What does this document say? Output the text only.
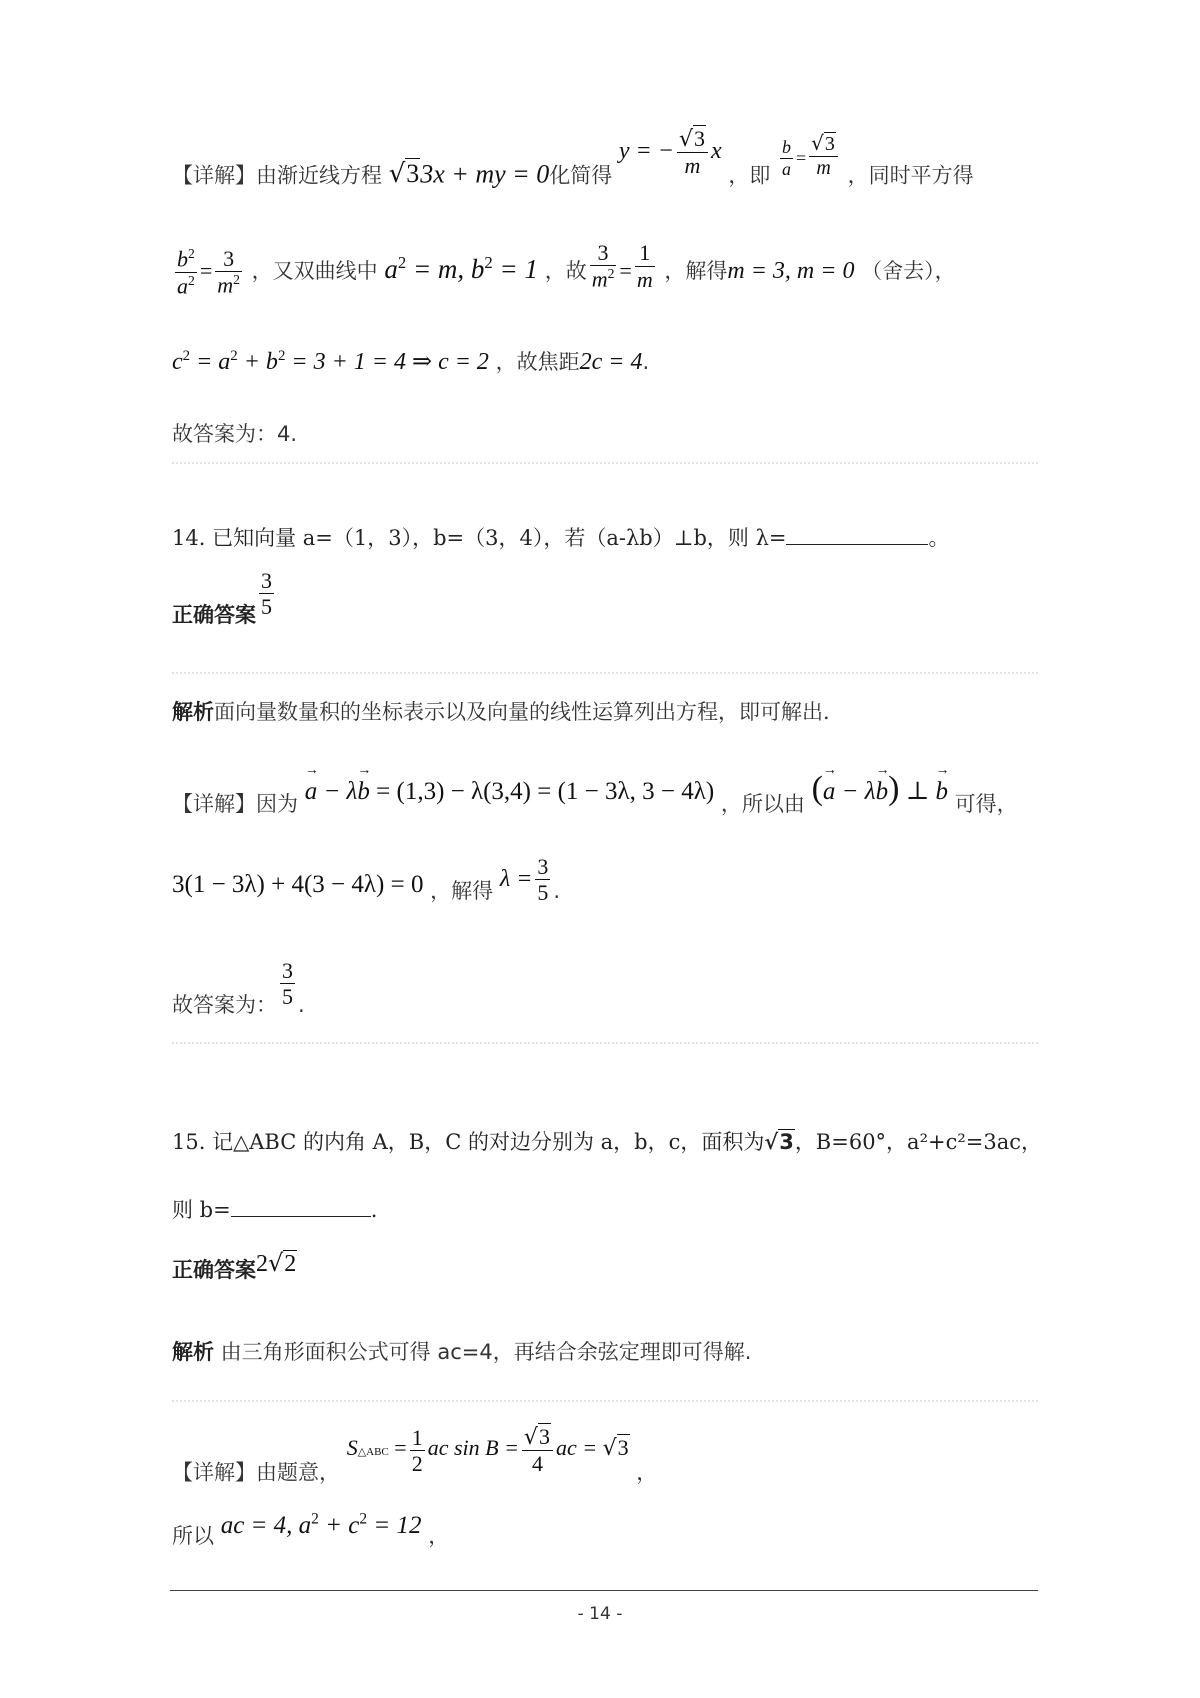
【详解】由渐近线方程 √33x + my = 0化简得 y = − $\frac{√3}{m}$ x ，即 $\frac{b}{a} = \frac{√3}{m}$ ，同时平方得
$\frac{b^2}{a^2} = \frac{3}{m^2}$ ，又双曲线中 $a^2 = m$, $b^2 = 1$ ，故 $\frac{3}{m^2} = \frac{1}{m}$ ，解得m = 3, m = 0 （舍去），
$c^2 = a^2 + b^2 = 3 + 1 = 4$ ⇒ c = 2 ，故焦距2c = 4.
故答案为：4.
14. 已知向量 a=（1，3），b=（3，4），若（a-λb）⊥b，则 λ=	。
正确答案 $\frac{3}{5}$
解析面向量数量积的坐标表示以及向量的线性运算列出方程，即可解出．
【详解】因为 → a − λ→ b = (1,3) − λ(3,4) = (1 − 3λ, 3 − 4λ) ，所以由 (→ a − λ→ b) ⊥ → b 可得，
3(1 − 3λ) + 4(3 − 4λ) = 0 ，解得 $\lambda = \frac{3}{5}$ .
故答案为： $\frac{3}{5}$ .
15. 记△ABC 的内角 A，B，C 的对边分别为 a，b，c，面积为√3，B=60°，a²+c²=3ac，
则 b=	.
正确答案2√2
解析 由三角形面积公式可得 ac=4，再结合余弦定理即可得解.
【详解】由题意， S△ABC = $\frac{1}{2}$ ac $\sin B = \frac{√3}{4}$ ac = √3 ，
所以 ac = 4, $a^2 + c^2 = 12$ ，
- 14 -
